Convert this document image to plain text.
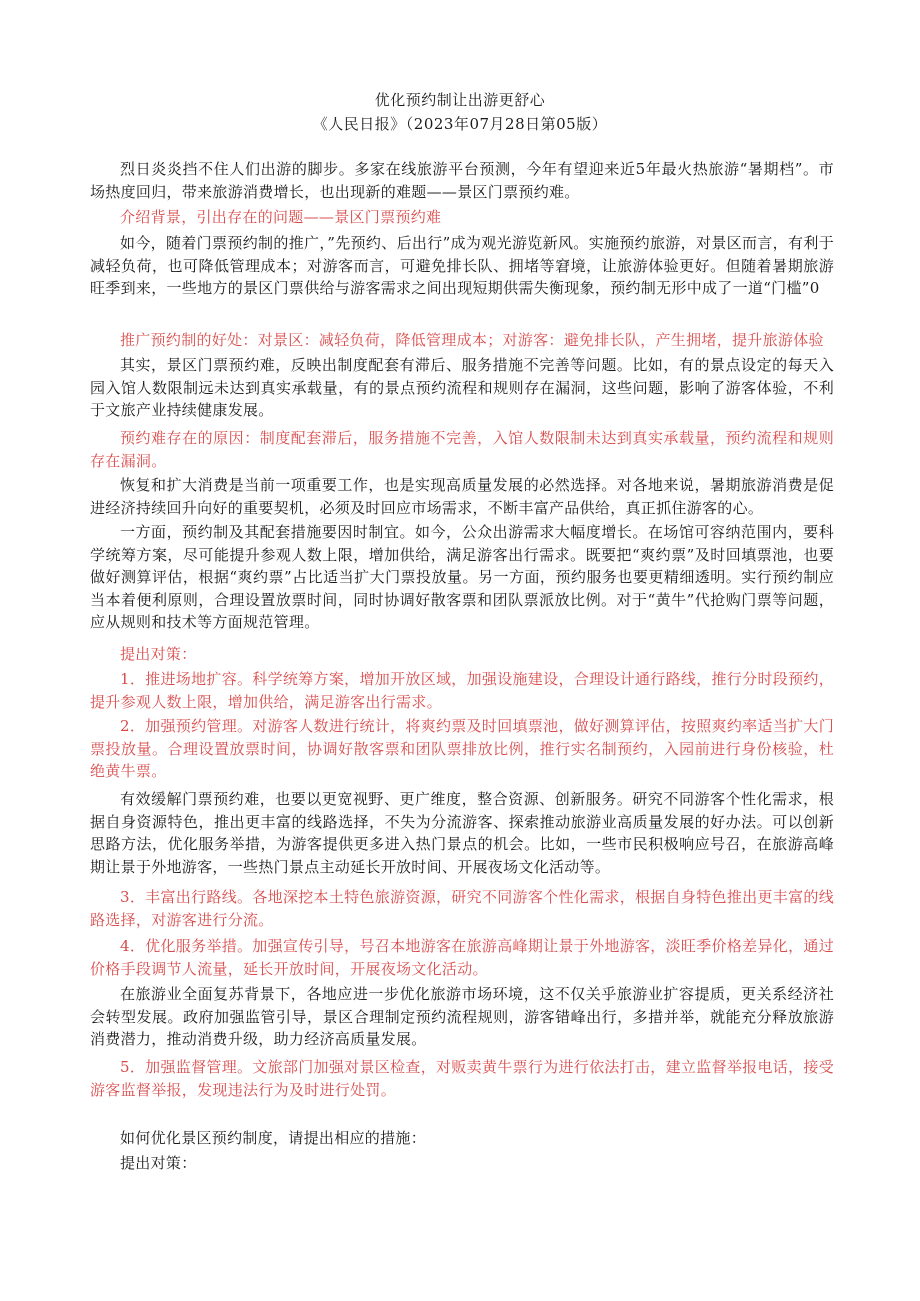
优化预约制让出游更舒心
《人民日报》（2023年07月28日第05版）

烈日炎炎挡不住人们出游的脚步。多家在线旅游平台预测，今年有望迎来近5年最火热旅游“暑期档”。市场热度回归，带来旅游消费增长，也出现新的难题——景区门票预约难。

介绍背景，引出存在的问题——景区门票预约难

如今，随着门票预约制的推广，”先预约、后出行”成为观光游览新风。实施预约旅游，对景区而言，有利于减轻负荷，也可降低管理成本；对游客而言，可避免排长队、拥堵等窘境，让旅游体验更好。但随着暑期旅游旺季到来，一些地方的景区门票供给与游客需求之间出现短期供需失衡现象，预约制无形中成了一道“门槛”0

推广预约制的好处：对景区：减轻负荷，降低管理成本；对游客：避免排长队，产生拥堵，提升旅游体验

其实，景区门票预约难，反映出制度配套有滞后、服务措施不完善等问题。比如，有的景点设定的每天入园入馆人数限制远未达到真实承载量，有的景点预约流程和规则存在漏洞，这些问题，影响了游客体验，不利于文旅产业持续健康发展。

预约难存在的原因：制度配套滞后，服务措施不完善，入馆人数限制未达到真实承载量，预约流程和规则存在漏洞。

恢复和扩大消费是当前一项重要工作，也是实现高质量发展的必然选择。对各地来说，暑期旅游消费是促进经济持续回升向好的重要契机，必须及时回应市场需求，不断丰富产品供给，真正抓住游客的心。

一方面，预约制及其配套措施要因时制宜。如今，公众出游需求大幅度增长。在场馆可容纳范围内，要科学统筹方案，尽可能提升参观人数上限，增加供给，满足游客出行需求。既要把“爽约票”及时回填票池，也要做好测算评估，根据“爽约票”占比适当扩大门票投放量。另一方面，预约服务也要更精细透明。实行预约制应当本着便利原则，合理设置放票时间，同时协调好散客票和团队票派放比例。对于“黄牛”代抢购门票等问题，应从规则和技术等方面规范管理。

提出对策：

1．推进场地扩容。科学统筹方案，增加开放区域，加强设施建设，合理设计通行路线，推行分时段预约，提升参观人数上限，增加供给，满足游客出行需求。

2．加强预约管理。对游客人数进行统计，将爽约票及时回填票池，做好测算评估，按照爽约率适当扩大门票投放量。合理设置放票时间，协调好散客票和团队票排放比例，推行实名制预约，入园前进行身份核验，杜绝黄牛票。

有效缓解门票预约难，也要以更宽视野、更广维度，整合资源、创新服务。研究不同游客个性化需求，根据自身资源特色，推出更丰富的线路选择，不失为分流游客、探索推动旅游业高质量发展的好办法。可以创新思路方法，优化服务举措，为游客提供更多进入热门景点的机会。比如，一些市民积极响应号召，在旅游高峰期让景于外地游客，一些热门景点主动延长开放时间、开展夜场文化活动等。

3．丰富出行路线。各地深挖本土特色旅游资源，研究不同游客个性化需求，根据自身特色推出更丰富的线路选择，对游客进行分流。

4．优化服务举措。加强宣传引导，号召本地游客在旅游高峰期让景于外地游客，淡旺季价格差异化，通过价格手段调节人流量，延长开放时间，开展夜场文化活动。

在旅游业全面复苏背景下，各地应进一步优化旅游市场环境，这不仅关乎旅游业扩容提质，更关系经济社会转型发展。政府加强监管引导，景区合理制定预约流程规则，游客错峰出行，多措并举，就能充分释放旅游消费潜力，推动消费升级，助力经济高质量发展。

5．加强监督管理。文旅部门加强对景区检查，对贩卖黄牛票行为进行依法打击，建立监督举报电话，接受游客监督举报，发现违法行为及时进行处罚。

如何优化景区预约制度，请提出相应的措施：

提出对策：
